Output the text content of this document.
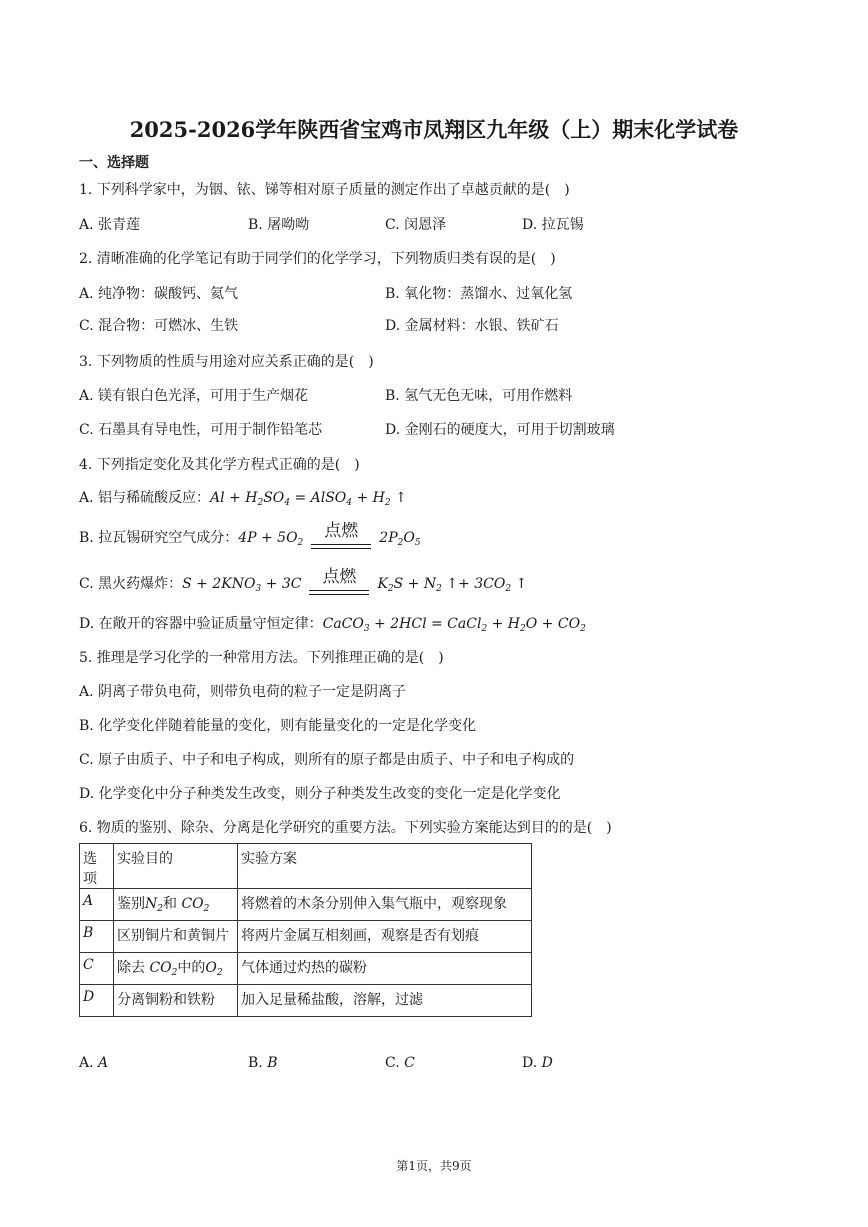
2025-2026学年陕西省宝鸡市凤翔区九年级（上）期末化学试卷
一、选择题
1. 下列科学家中，为铟、铱、锑等相对原子质量的测定作出了卓越贡献的是(　)
A. 张青莲	B. 屠呦呦	C. 闵恩泽	D. 拉瓦锡
2. 清晰准确的化学笔记有助于同学们的化学学习，下列物质归类有误的是(　)
A. 纯净物：碳酸钙、氦气	B. 氧化物：蒸馏水、过氧化氢
C. 混合物：可燃冰、生铁	D. 金属材料：水银、铁矿石
3. 下列物质的性质与用途对应关系正确的是(　)
A. 镁有银白色光泽，可用于生产烟花	B. 氢气无色无味，可用作燃料
C. 石墨具有导电性，可用于制作铅笔芯	D. 金刚石的硬度大，可用于切割玻璃
4. 下列指定变化及其化学方程式正确的是(　)
A. 铝与稀硫酸反应：$Al + H_2SO_4$ = AlSO$_4$ + $H_2$ ↑
B. 拉瓦锡研究空气成分：$4P + 5O_2$
点燃	$2P_2O_5$
C. 黑火药爆炸：$S + 2KNO_3 + 3C$	点燃	$K_2S + N_2$ ↑+ $3CO_2$ ↑
D. 在敞开的容器中验证质量守恒定律：CaCO$_3$ + 2HCl = CaCl$_2$ + $H_2O + CO_2$
5. 推理是学习化学的一种常用方法。下列推理正确的是(　)
A. 阴离子带负电荷，则带负电荷的粒子一定是阴离子
B. 化学变化伴随着能量的变化，则有能量变化的一定是化学变化
C. 原子由质子、中子和电子构成，则所有的原子都是由质子、中子和电子构成的
D. 化学变化中分子种类发生改变，则分子种类发生改变的变化一定是化学变化
6. 物质的鉴别、除杂、分离是化学研究的重要方法。下列实验方案能达到目的的是(　)
选项	实验目的	实验方案
A	鉴别$N_2$和 $CO_2$	将燃着的木条分别伸入集气瓶中，观察现象
B	区别铜片和黄铜片	将两片金属互相刻画，观察是否有划痕
C	除去 $CO_2$中的$O_2$	气体通过灼热的碳粉
D	分离铜粉和铁粉	加入足量稀盐酸，溶解，过滤
A. A	B. B	C. C	D. D
第1页，共9页
